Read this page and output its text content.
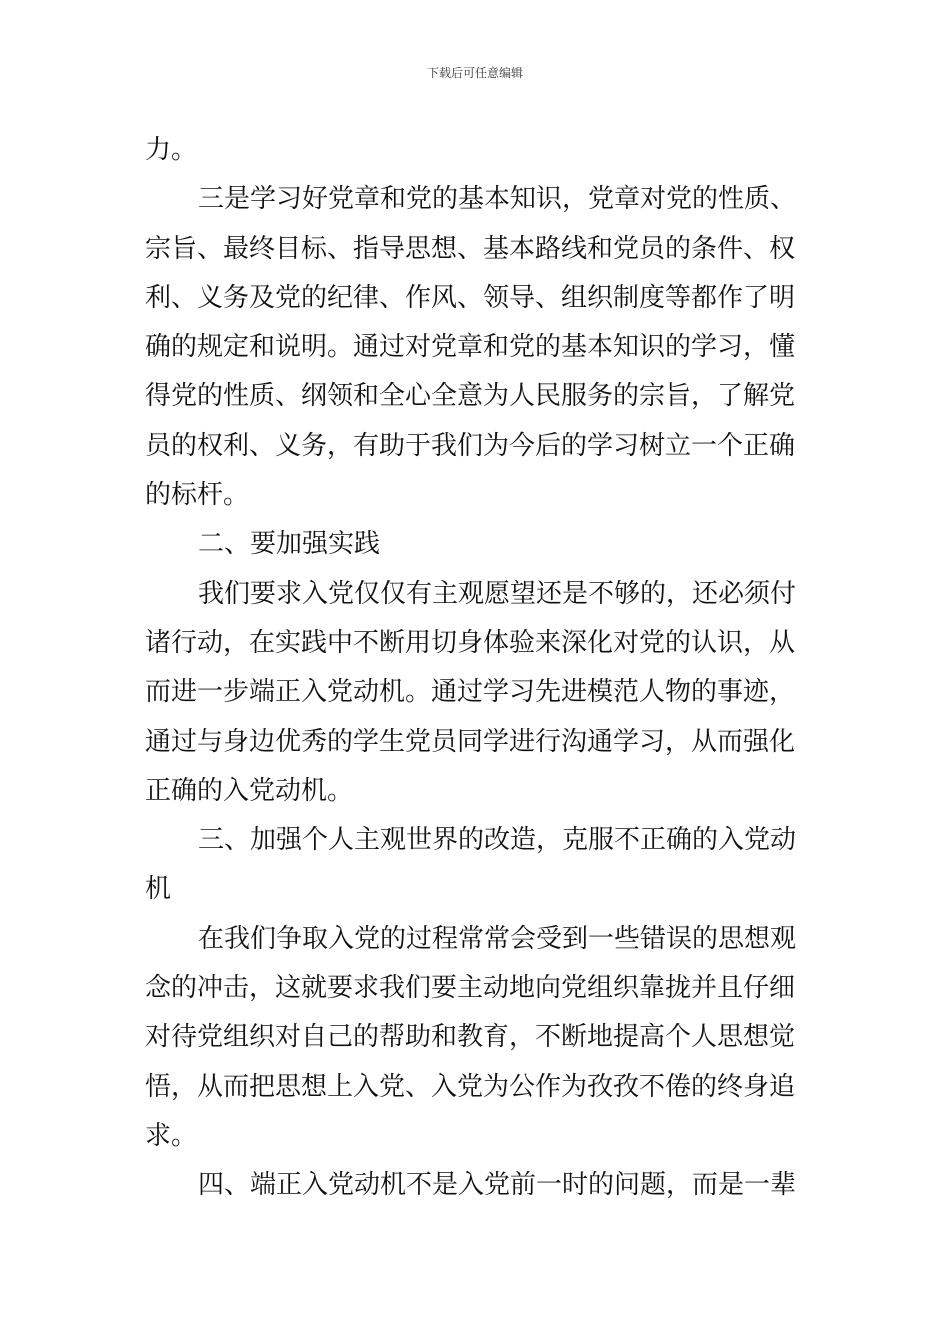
下载后可任意编辑
力。
三是学习好党章和党的基本知识，党章对党的性质、
宗旨、最终目标、指导思想、基本路线和党员的条件、权
利、义务及党的纪律、作风、领导、组织制度等都作了明
确的规定和说明。通过对党章和党的基本知识的学习，懂
得党的性质、纲领和全心全意为人民服务的宗旨，了解党
员的权利、义务，有助于我们为今后的学习树立一个正确
的标杆。
二、要加强实践
我们要求入党仅仅有主观愿望还是不够的，还必须付
诸行动，在实践中不断用切身体验来深化对党的认识，从
而进一步端正入党动机。通过学习先进模范人物的事迹，
通过与身边优秀的学生党员同学进行沟通学习，从而强化
正确的入党动机。
三、加强个人主观世界的改造，克服不正确的入党动
机
在我们争取入党的过程常常会受到一些错误的思想观
念的冲击，这就要求我们要主动地向党组织靠拢并且仔细
对待党组织对自己的帮助和教育，不断地提高个人思想觉
悟，从而把思想上入党、入党为公作为孜孜不倦的终身追
求。
四、端正入党动机不是入党前一时的问题，而是一辈
